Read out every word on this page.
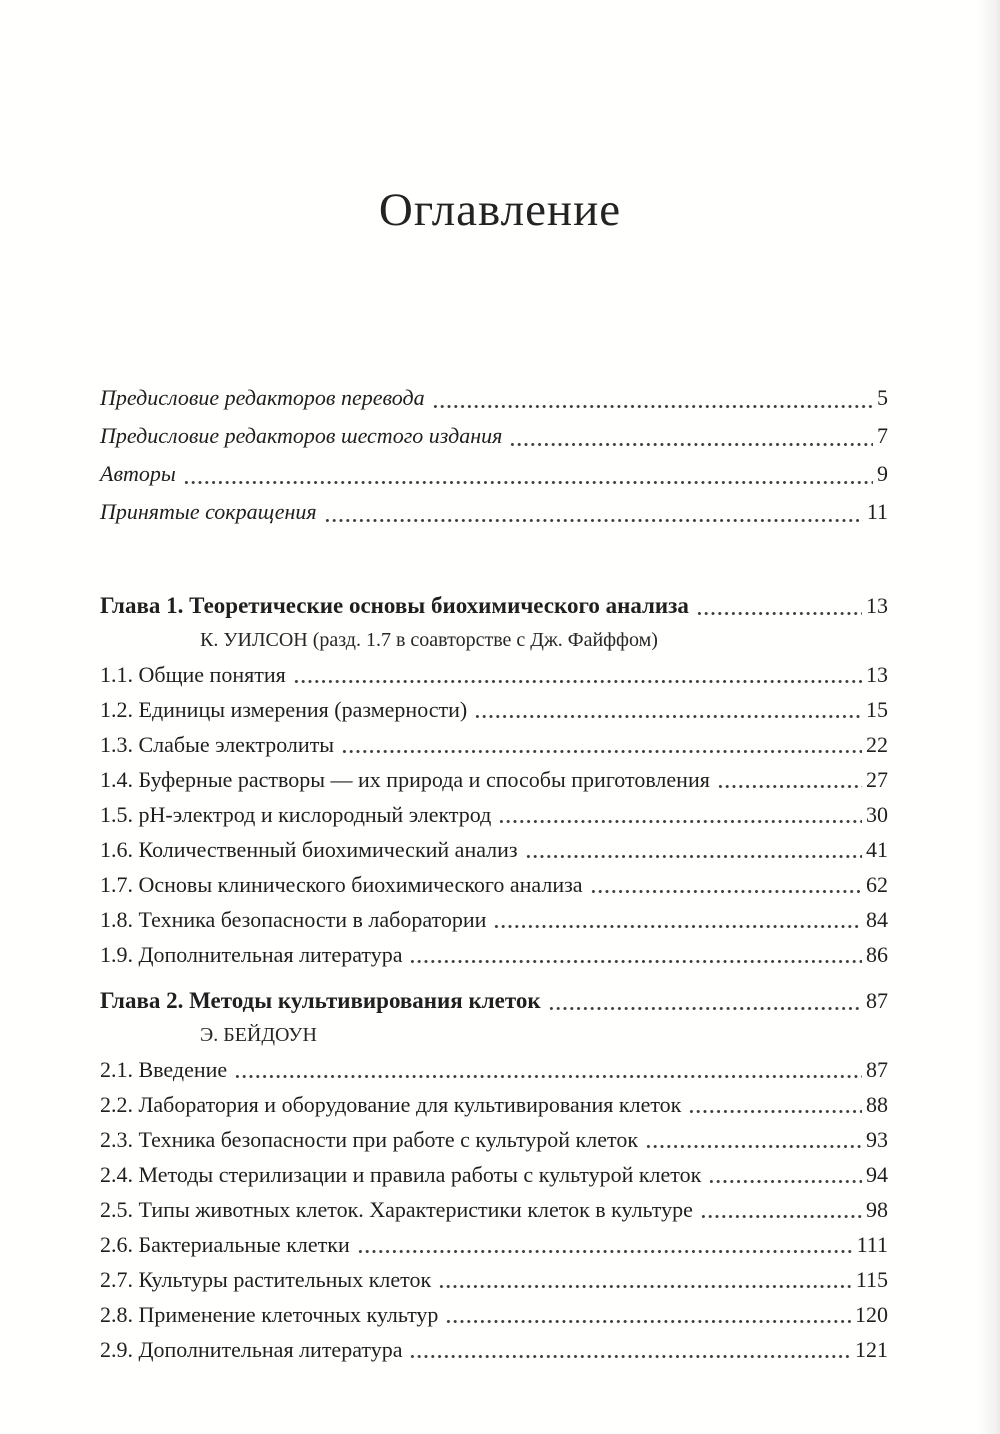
Оглавление
Предисловие редакторов перевода	5
Предисловие редакторов шестого издания	7
Авторы	9
Принятые сокращения	11
Глава 1. Теоретические основы биохимического анализа	13
К. УИЛСОН (разд. 1.7 в соавторстве с Дж. Файффом)
1.1. Общие понятия	13
1.2. Единицы измерения (размерности)	15
1.3. Слабые электролиты	22
1.4. Буферные растворы — их природа и способы приготовления	27
1.5. pH-электрод и кислородный электрод	30
1.6. Количественный биохимический анализ	41
1.7. Основы клинического биохимического анализа	62
1.8. Техника безопасности в лаборатории	84
1.9. Дополнительная литература	86
Глава 2. Методы культивирования клеток	87
Э. БЕЙДОУН
2.1. Введение	87
2.2. Лаборатория и оборудование для культивирования клеток	88
2.3. Техника безопасности при работе с культурой клеток	93
2.4. Методы стерилизации и правила работы с культурой клеток	94
2.5. Типы животных клеток. Характеристики клеток в культуре	98
2.6. Бактериальные клетки	111
2.7. Культуры растительных клеток	115
2.8. Применение клеточных культур	120
2.9. Дополнительная литература	121
